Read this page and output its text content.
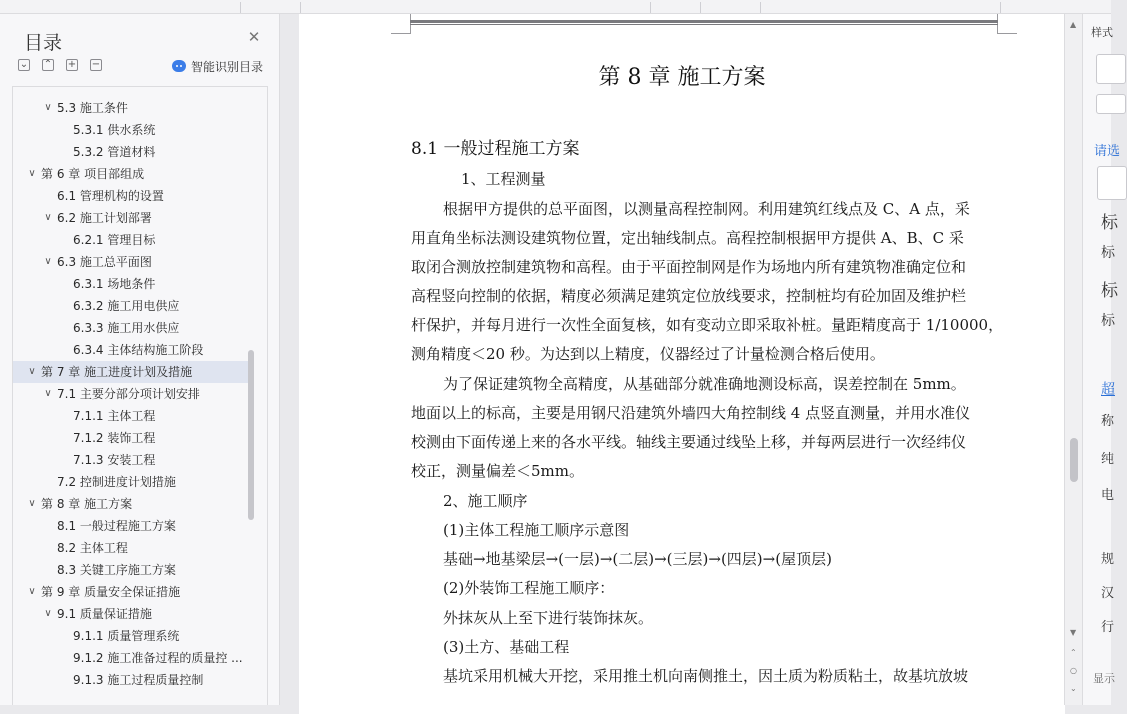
目录	✕
⌄ ⌃ + −	智能识别目录
∨ 5.3 施工条件
5.3.1 供水系统
5.3.2 管道材料
∨ 第 6 章 项目部组成
6.1 管理机构的设置
∨ 6.2 施工计划部署
6.2.1 管理目标
∨ 6.3 施工总平面图
6.3.1 场地条件
6.3.2 施工用电供应
6.3.3 施工用水供应
6.3.4 主体结构施工阶段
∨ 第 7 章 施工进度计划及措施
∨ 7.1 主要分部分项计划安排
7.1.1 主体工程
7.1.2 装饰工程
7.1.3 安装工程
7.2 控制进度计划措施
∨ 第 8 章 施工方案
8.1 一般过程施工方案
8.2 主体工程
8.3 关键工序施工方案
∨ 第 9 章 质量安全保证措施
∨ 9.1 质量保证措施
9.1.1 质量管理系统
9.1.2 施工准备过程的质量控 ...
9.1.3 施工过程质量控制
第 8 章 施工方案
8.1 一般过程施工方案
1、工程测量
根据甲方提供的总平面图，以测量高程控制网。利用建筑红线点及 C、A 点，采
用直角坐标法测设建筑物位置，定出轴线制点。高程控制根据甲方提供 A、B、C 采
取闭合测放控制建筑物和高程。由于平面控制网是作为场地内所有建筑物准确定位和
高程竖向控制的依据，精度必须满足建筑定位放线要求，控制桩均有砼加固及维护栏
杆保护，并每月进行一次性全面复核，如有变动立即采取补桩。量距精度高于 1/10000，
测角精度＜20 秒。为达到以上精度，仪器经过了计量检测合格后使用。
为了保证建筑物全高精度，从基础部分就准确地测设标高，误差控制在 5mm。
地面以上的标高，主要是用钢尺沿建筑外墙四大角控制线 4 点竖直测量，并用水准仪
校测由下面传递上来的各水平线。轴线主要通过线坠上移，并每两层进行一次经纬仪
校正，测量偏差＜5mm。
2、施工顺序
(1)主体工程施工顺序示意图
基础→地基梁层→(一层)→(二层)→(三层)→(四层)→(屋顶层)
(2)外装饰工程施工顺序：
外抹灰从上至下进行装饰抹灰。
(3)土方、基础工程
基坑采用机械大开挖，采用推土机向南侧推土，因土质为粉质粘土，故基坑放坡
▲
▼
⌃
○
⌄
样式
请选
标
标
标
标
称
纯
电
规
汉
行
超
显示
